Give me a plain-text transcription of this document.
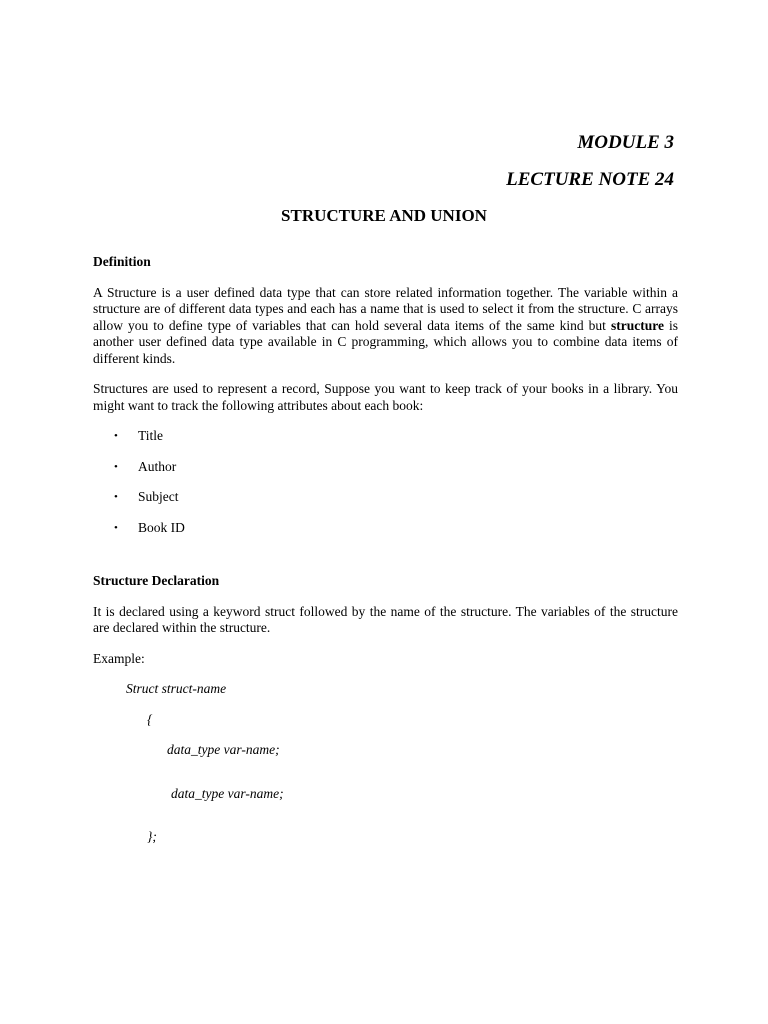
MODULE 3
LECTURE NOTE 24
STRUCTURE AND UNION

Definition

A Structure is a user defined data type that can store related information together. The variable within a structure are of different data types and each has a name that is used to select it from the structure. C arrays allow you to define type of variables that can hold several data items of the same kind but structure is another user defined data type available in C programming, which allows you to combine data items of different kinds.

Structures are used to represent a record, Suppose you want to keep track of your books in a library. You might want to track the following attributes about each book:

• Title
• Author
• Subject
• Book ID

Structure Declaration

It is declared using a keyword struct followed by the name of the structure. The variables of the structure are declared within the structure.

Example:

Struct struct-name

{

data_type var-name;

data_type var-name;

};
